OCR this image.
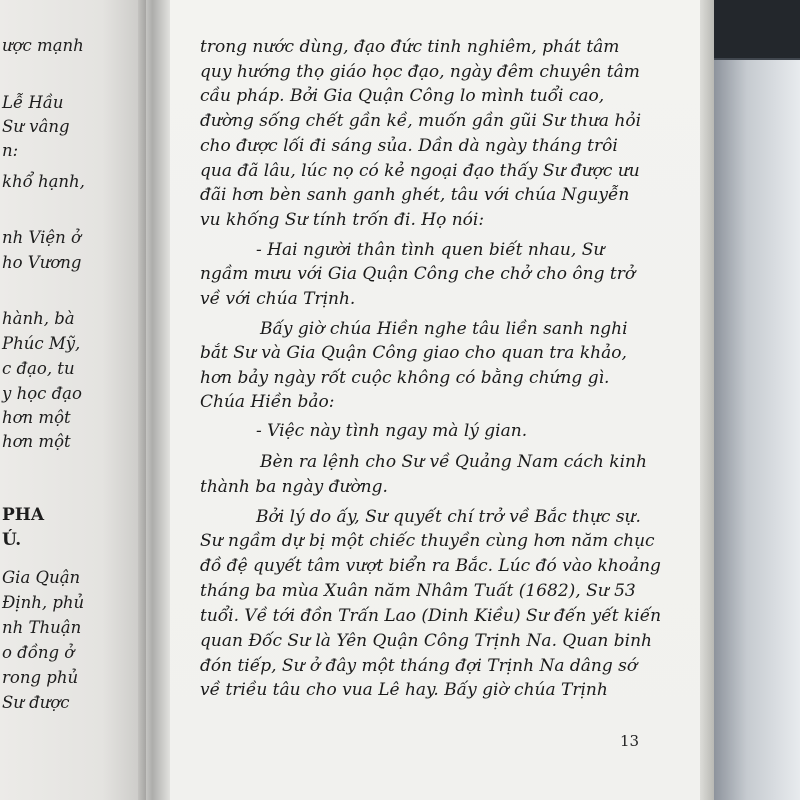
ược mạnh
Lễ Hầu
Sư vâng
n:
khổ hạnh,
nh Viện ở
ho Vương
hành, bà
Phúc Mỹ,
c đạo, tu
y học đạo
hơn một
hơn một
PHA
Ú.
Gia Quận
Định, phủ
nh Thuận
o đồng ở
rong phủ
Sư được
trong nước dùng, đạo đức tinh nghiêm, phát tâm
quy hướng thọ giáo học đạo, ngày đêm chuyên tâm
cầu pháp. Bởi Gia Quận Công lo mình tuổi cao,
đường sống chết gần kề, muốn gần gũi Sư thưa hỏi
cho được lối đi sáng sủa. Dần dà ngày tháng trôi
qua đã lâu, lúc nọ có kẻ ngoại đạo thấy Sư được ưu
đãi hơn bèn sanh ganh ghét, tâu với chúa Nguyễn
vu khống Sư tính trốn đi. Họ nói:
- Hai người thân tình quen biết nhau, Sư
ngầm mưu với Gia Quận Công che chở cho ông trở
về với chúa Trịnh.
Bấy giờ chúa Hiền nghe tâu liền sanh nghi
bắt Sư và Gia Quận Công giao cho quan tra khảo,
hơn bảy ngày rốt cuộc không có bằng chứng gì.
Chúa Hiền bảo:
- Việc này tình ngay mà lý gian.
Bèn ra lệnh cho Sư về Quảng Nam cách kinh
thành ba ngày đường.
Bởi lý do ấy, Sư quyết chí trở về Bắc thực sự.
Sư ngầm dự bị một chiếc thuyền cùng hơn năm chục
đồ đệ quyết tâm vượt biển ra Bắc. Lúc đó vào khoảng
tháng ba mùa Xuân năm Nhâm Tuất (1682), Sư 53
tuổi. Về tới đồn Trấn Lao (Dinh Kiều) Sư đến yết kiến
quan Đốc Sư là Yên Quận Công Trịnh Na. Quan binh
đón tiếp, Sư ở đây một tháng đợi Trịnh Na dâng sớ
về triều tâu cho vua Lê hay. Bấy giờ chúa Trịnh
13
